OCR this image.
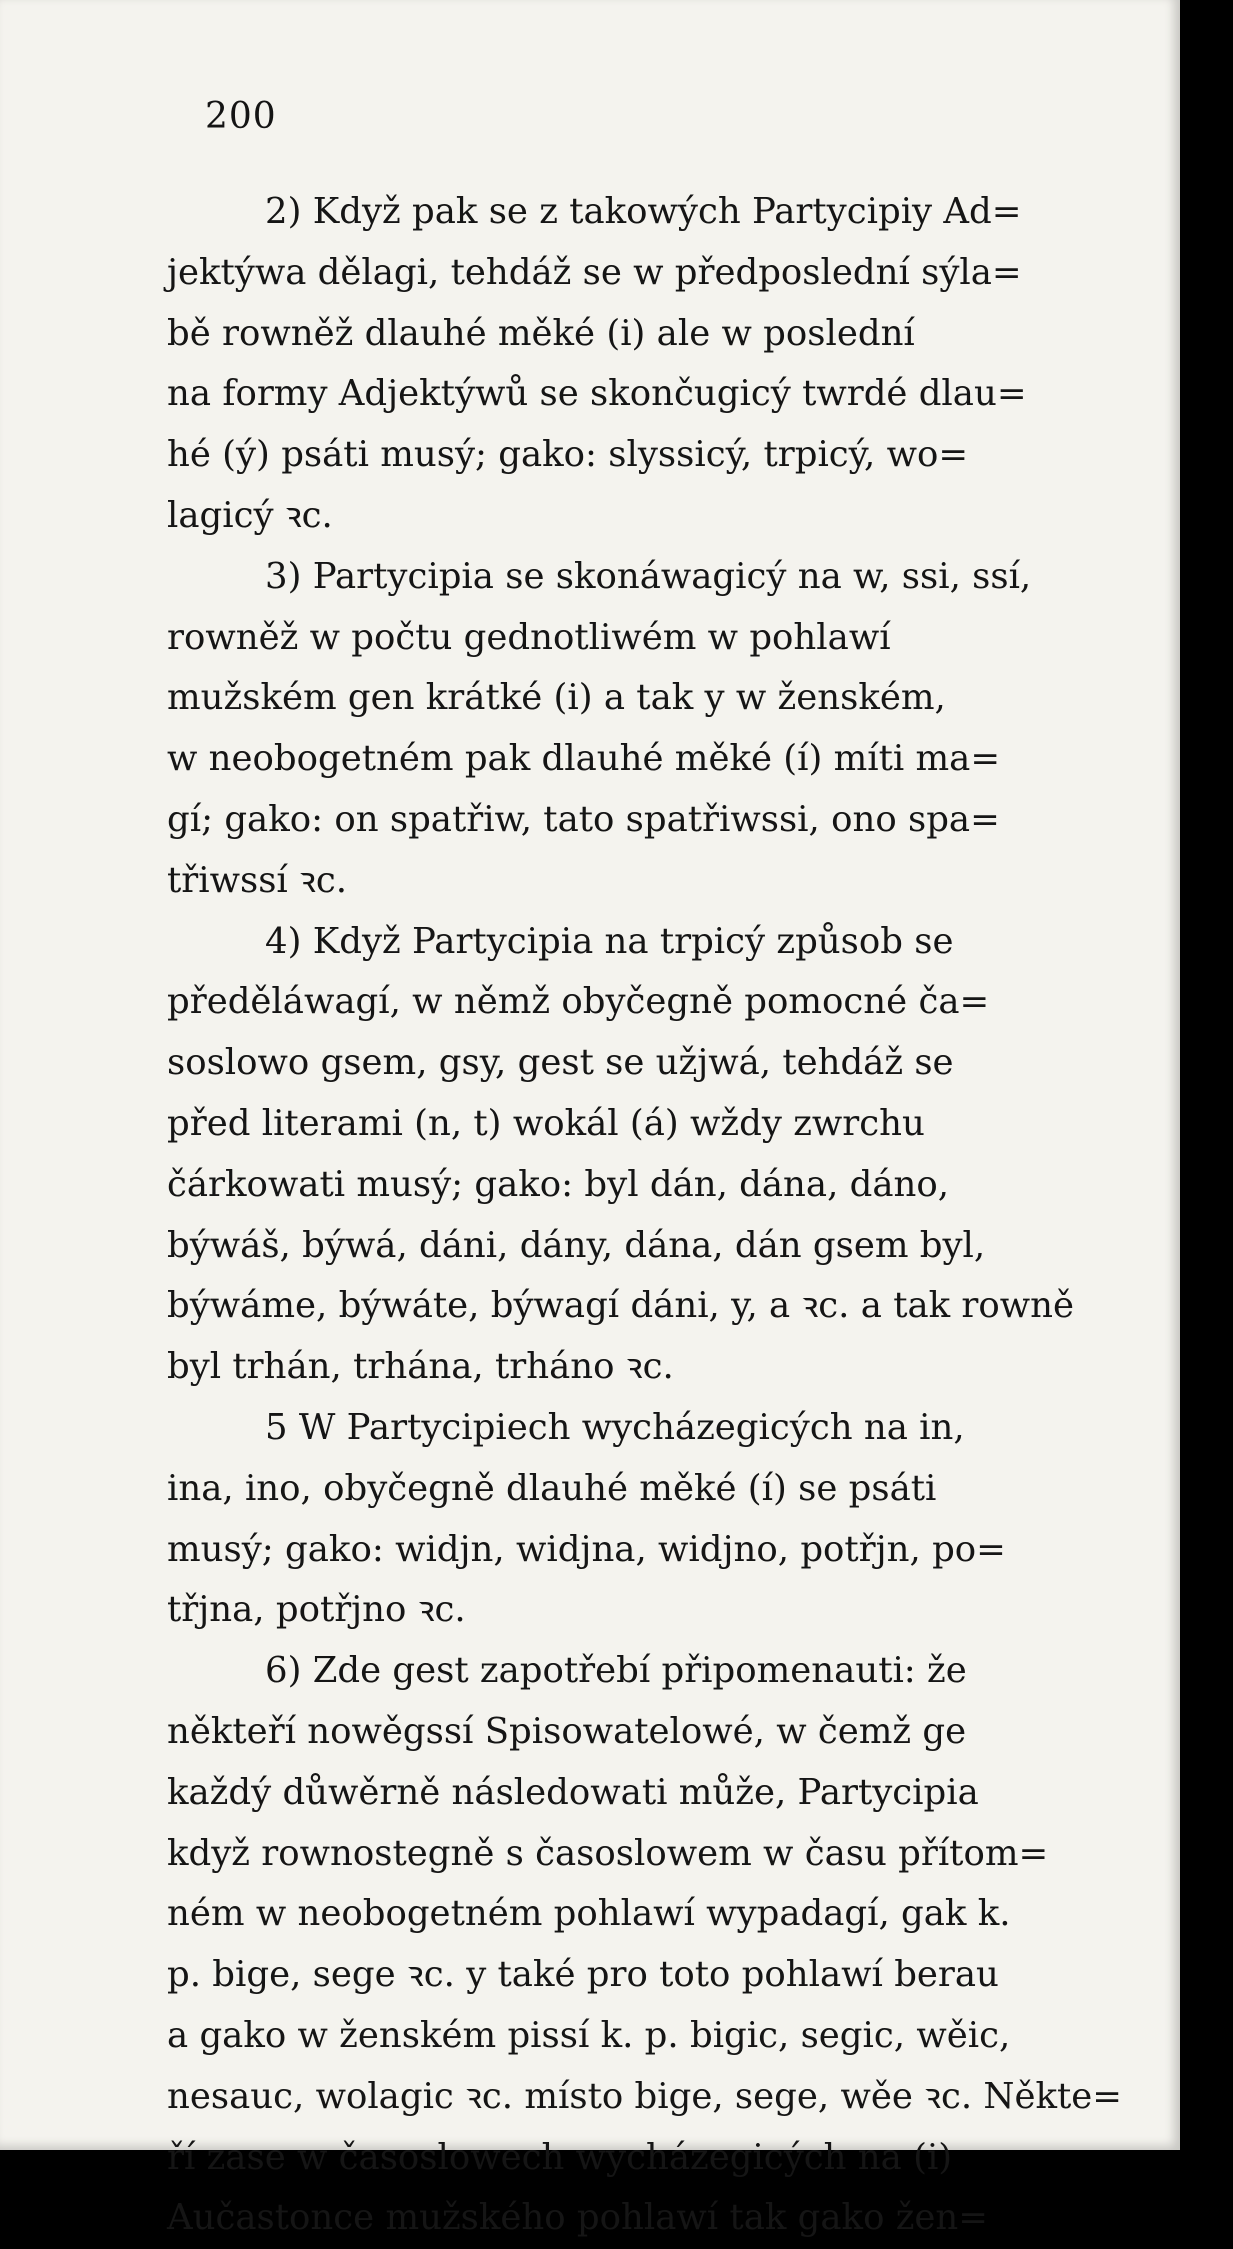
200
2) Když pak se z takowých Partycipiy Ad=
jektýwa dělagi, tehdáž se w předposlední sýla=
bě rowněž dlauhé měké (i) ale w poslední
na formy Adjektýwů se skončugicý twrdé dlau=
hé (ý) psáti musý; gako: slyssicý, trpicý, wo=
lagicý ꝛc.
3) Partycipia se skonáwagicý na w, ssi, ssí,
rowněž w počtu gednotliwém w pohlawí
mužském gen krátké (i) a tak y w ženském,
w neobogetném pak dlauhé měké (í) míti ma=
gí; gako: on spatřiw, tato spatřiwssi, ono spa=
třiwssí ꝛc.
4) Když Partycipia na trpicý způsob se
předěláwagí, w němž obyčegně pomocné ča=
soslowo gsem, gsy, gest se užjwá, tehdáž se
před literami (n, t) wokál (á) wždy zwrchu
čárkowati musý; gako: byl dán, dána, dáno,
býwáš, býwá, dáni, dány, dána, dán gsem byl,
býwáme, býwáte, býwagí dáni, y, a ꝛc. a tak rowně
byl trhán, trhána, trháno ꝛc.
5 W Partycipiech wycházegicých na in,
ina, ino, obyčegně dlauhé měké (í) se psáti
musý; gako: widjn, widjna, widjno, potřjn, po=
třjna, potřjno ꝛc.
6) Zde gest zapotřebí připomenauti: že
někteří nowěgssí Spisowatelowé, w čemž ge
každý důwěrně následowati může, Partycipia
když rownostegně s časoslowem w času přítom=
ném w neobogetném pohlawí wypadagí, gak k.
p. bige, sege ꝛc. y také pro toto pohlawí berau
a gako w ženském pissí k. p. bigic, segic, wěic,
nesauc, wolagic ꝛc. místo bige, sege, wěe ꝛc. Někte=
ří zase w časoslowech wycházegicých na (i)
Aučastonce mužského pohlawí tak gako žen=
